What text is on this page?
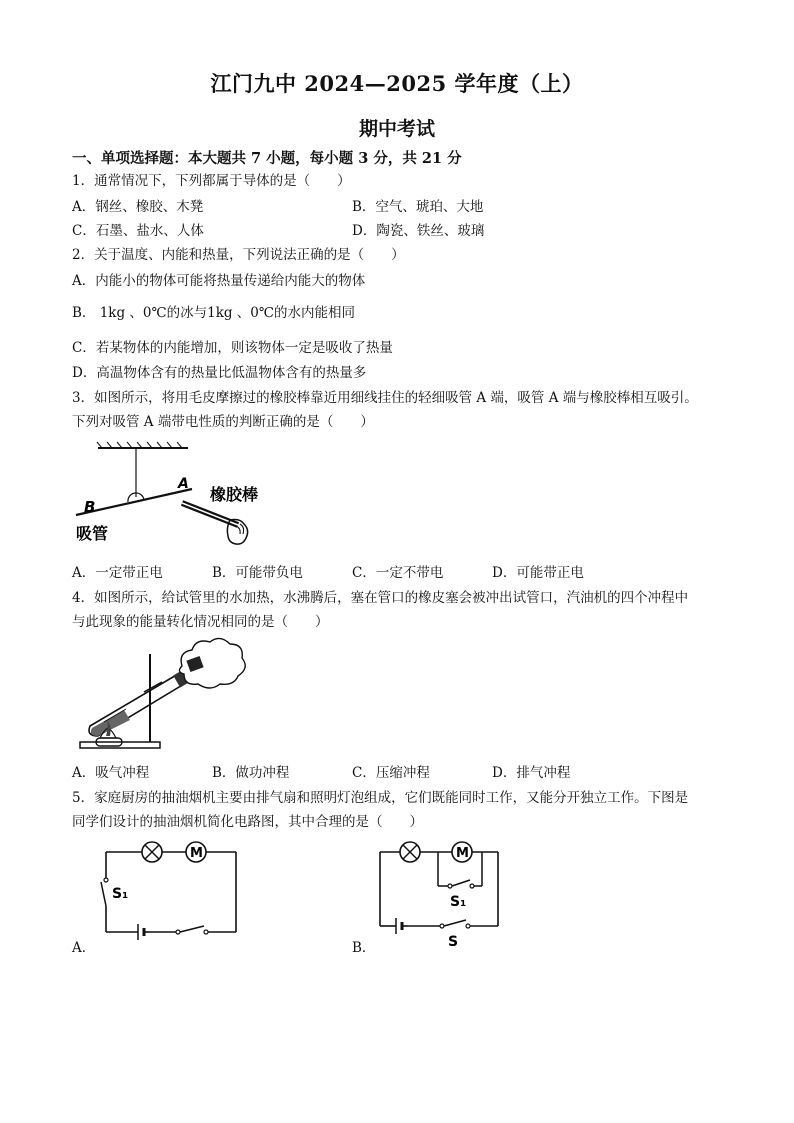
江门九中 2024—2025 学年度（上）
期中考试
一、单项选择题：本大题共 7 小题，每小题 3 分，共 21 分
1．通常情况下，下列都属于导体的是（　　）
A．钢丝、橡胶、木凳	B．空气、琥珀、大地
C．石墨、盐水、人体	D．陶瓷、铁丝、玻璃
2．关于温度、内能和热量，下列说法正确的是（　　）
A．内能小的物体可能将热量传递给内能大的物体
B． 1kg 、0℃的冰与1kg 、0℃的水内能相同
C．若某物体的内能增加，则该物体一定是吸收了热量
D．高温物体含有的热量比低温物体含有的热量多
3．如图所示，将用毛皮摩擦过的橡胶棒靠近用细线挂住的轻细吸管 A 端，吸管 A 端与橡胶棒相互吸引。
下列对吸管 A 端带电性质的判断正确的是（　　）
B
A
橡胶棒
吸管
A．一定带正电	B．可能带负电	C．一定不带电	D．可能带正电
4．如图所示，给试管里的水加热，水沸腾后，塞在管口的橡皮塞会被冲出试管口，汽油机的四个冲程中
与此现象的能量转化情况相同的是（　　）
A．吸气冲程	B．做功冲程	C．压缩冲程	D．排气冲程
5．家庭厨房的抽油烟机主要由排气扇和照明灯泡组成，它们既能同时工作，又能分开独立工作。下图是
同学们设计的抽油烟机简化电路图，其中合理的是（　　）
M
S₁
A．
M
S₁
S
B．
